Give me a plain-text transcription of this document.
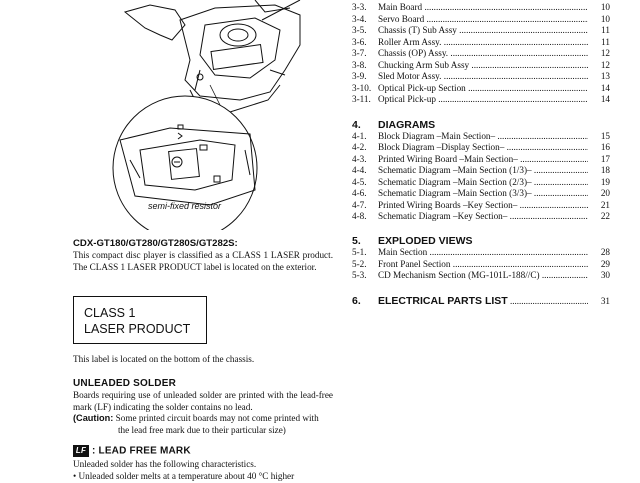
semi-fixed resistor
CDX-GT180/GT280/GT280S/GT282S:
This compact disc player is classified as a CLASS 1 LASER product. The CLASS 1 LASER PRODUCT label is located on the exterior.
CLASS 1
LASER PRODUCT
This label is located on the bottom of the chassis.
UNLEADED SOLDER
Boards requiring use of unleaded solder are printed with the lead-free mark (LF) indicating the solder contains no lead.
(Caution: Some printed circuit boards may not come printed with
the lead free mark due to their particular size)
LF : LEAD FREE MARK
Unleaded solder has the following characteristics.
• Unleaded solder melts at a temperature about 40 °C higher
3-3. Main Board .....	10
3-4. Servo Board .....	10
3-5. Chassis (T) Sub Assy .....	11
3-6. Roller Arm Assy. .....	11
3-7. Chassis (OP) Assy. .....	12
3-8. Chucking Arm Sub Assy .....	12
3-9. Sled Motor Assy. .....	13
3-10. Optical Pick-up Section .....	14
3-11. Optical Pick-up .....	14
4. DIAGRAMS
4-1. Block Diagram –Main Section– .....	15
4-2. Block Diagram –Display Section– .....	16
4-3. Printed Wiring Board –Main Section– .....	17
4-4. Schematic Diagram –Main Section (1/3)– .....	18
4-5. Schematic Diagram –Main Section (2/3)– .....	19
4-6. Schematic Diagram –Main Section (3/3)– .....	20
4-7. Printed Wiring Boards –Key Section– .....	21
4-8. Schematic Diagram –Key Section– .....	22
5. EXPLODED VIEWS
5-1. Main Section .....	28
5-2. Front Panel Section .....	29
5-3. CD Mechanism Section (MG-101L-188//C) .....	30
6. ELECTRICAL PARTS LIST .....	31
